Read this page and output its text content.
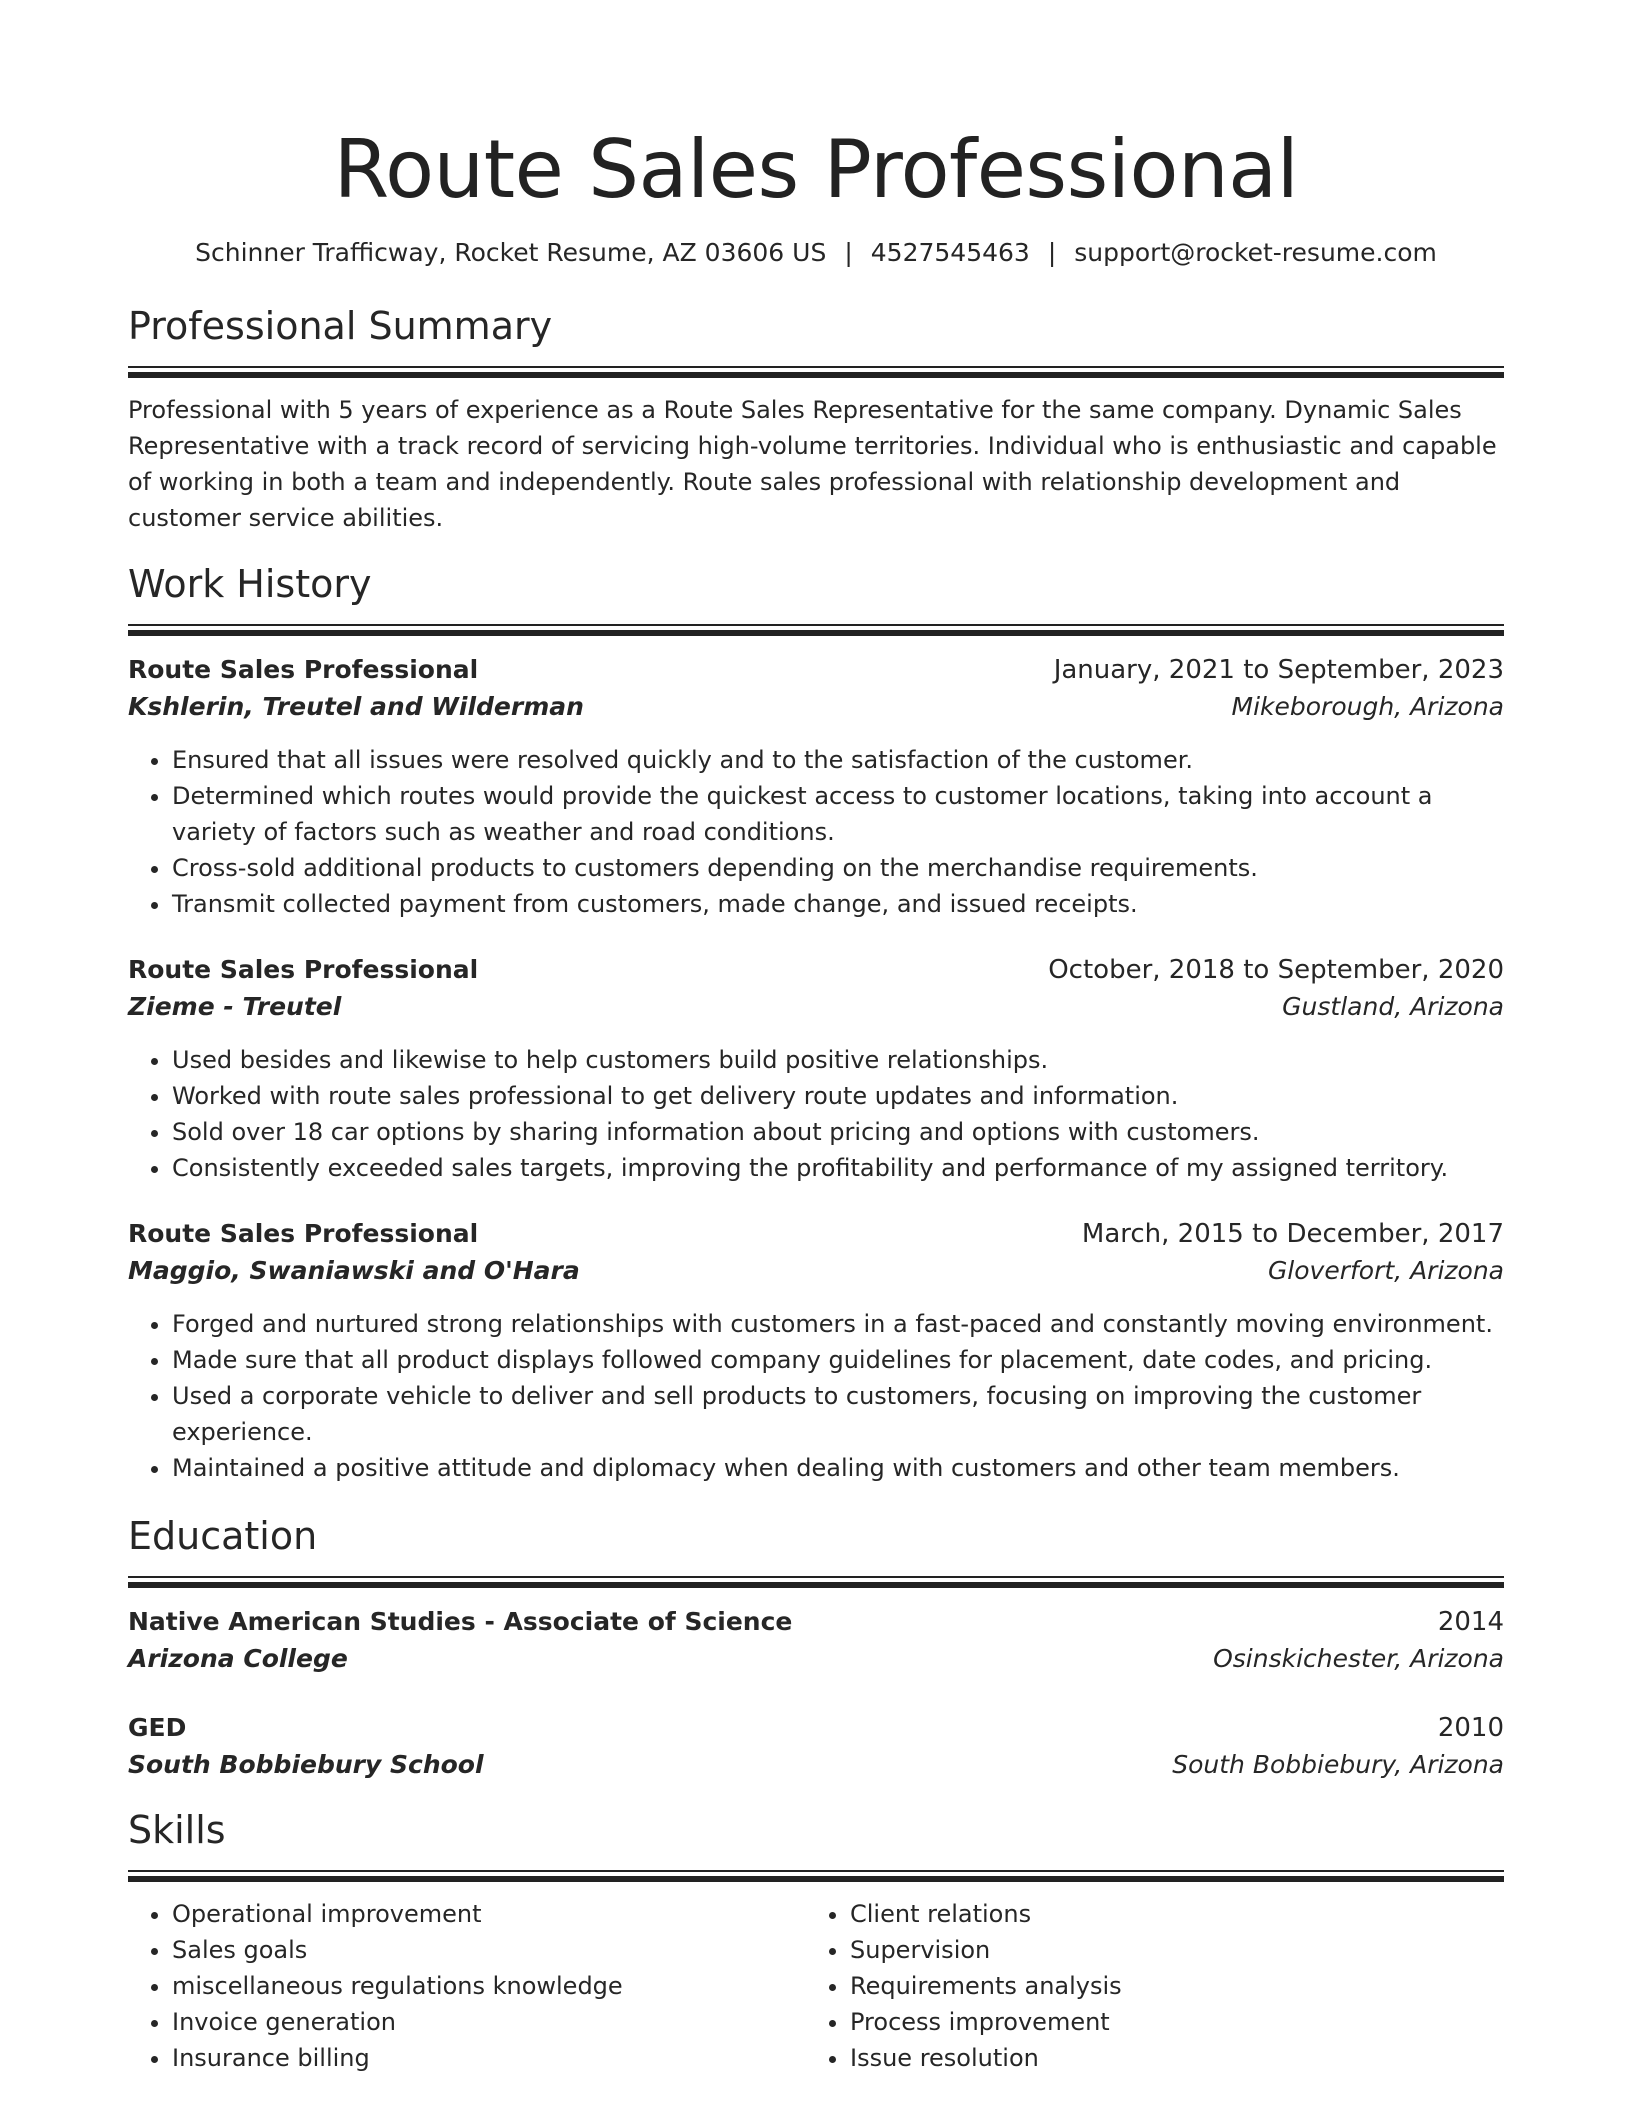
Route Sales Professional
Schinner Trafficway, Rocket Resume, AZ 03606 US | 4527545463 | support@rocket-resume.com
Professional Summary
Professional with 5 years of experience as a Route Sales Representative for the same company. Dynamic Sales Representative with a track record of servicing high-volume territories. Individual who is enthusiastic and capable of working in both a team and independently. Route sales professional with relationship development and customer service abilities.
Work History
Route Sales Professional	January, 2021 to September, 2023
Kshlerin, Treutel and Wilderman	Mikeborough, Arizona
• Ensured that all issues were resolved quickly and to the satisfaction of the customer.
• Determined which routes would provide the quickest access to customer locations, taking into account a variety of factors such as weather and road conditions.
• Cross-sold additional products to customers depending on the merchandise requirements.
• Transmit collected payment from customers, made change, and issued receipts.
Route Sales Professional	October, 2018 to September, 2020
Zieme - Treutel	Gustland, Arizona
• Used besides and likewise to help customers build positive relationships.
• Worked with route sales professional to get delivery route updates and information.
• Sold over 18 car options by sharing information about pricing and options with customers.
• Consistently exceeded sales targets, improving the profitability and performance of my assigned territory.
Route Sales Professional	March, 2015 to December, 2017
Maggio, Swaniawski and O'Hara	Gloverfort, Arizona
• Forged and nurtured strong relationships with customers in a fast-paced and constantly moving environment.
• Made sure that all product displays followed company guidelines for placement, date codes, and pricing.
• Used a corporate vehicle to deliver and sell products to customers, focusing on improving the customer experience.
• Maintained a positive attitude and diplomacy when dealing with customers and other team members.
Education
Native American Studies - Associate of Science	2014
Arizona College	Osinskichester, Arizona
GED	2010
South Bobbiebury School	South Bobbiebury, Arizona
Skills
• Operational improvement
• Sales goals
• miscellaneous regulations knowledge
• Invoice generation
• Insurance billing
• Client relations
• Supervision
• Requirements analysis
• Process improvement
• Issue resolution
